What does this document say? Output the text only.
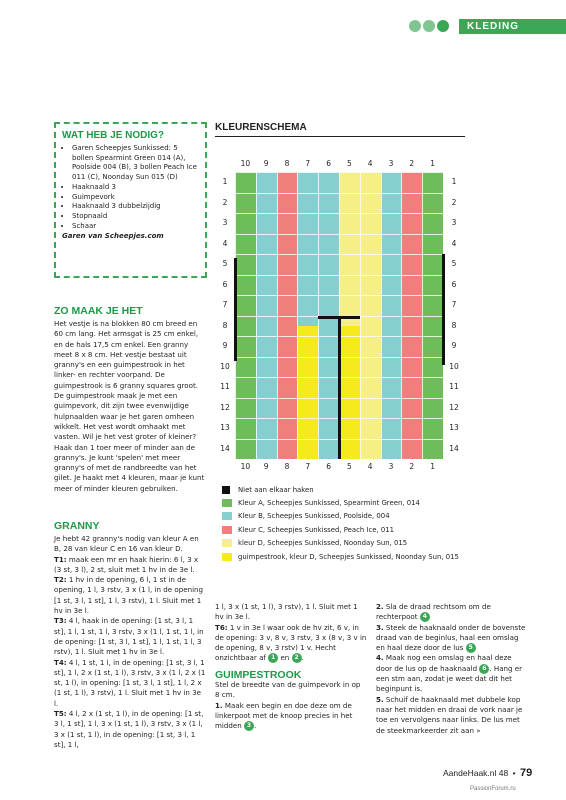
KLEDING
WAT HEB JE NODIG?
• Garen Scheepjes Sunkissed: 5 bollen Spearmint Green 014 (A), Poolside 004 (B), 3 bollen Peach Ice 011 (C), Noonday Sun 015 (D)
• Haaknaald 3
• Guimpevork
• Haaknaald 3 dubbelzijdig
• Stopnaald
• Schaar
Garen van Scheepjes.com
ZO MAAK JE HET
Het vestje is na blokken 80 cm breed en 60 cm lang. Het armsgat is 25 cm enkel, en de hals 17,5 cm enkel. Een granny meet 8 x 8 cm. Het vestje bestaat uit granny's en een guimpestrook in het linker- en rechter voorpand. De guimpestrook is 6 granny squares groot. De guimpestrook maak je met een guimpevork, dit zijn twee evenwijdige hulpnaalden waar je het garen omheen wikkelt. Het vest wordt omhaakt met vasten. Wil je het vest groter of kleiner? Haak dan 1 toer meer of minder aan de granny's. Je kunt 'spelen' met meer granny's of met de randbreedte van het gilet. Je haakt met 4 kleuren, maar je kunt meer of minder kleuren gebruiken.
GRANNY
Je hebt 42 granny's nodig van kleur A en B, 28 van kleur C en 16 van kleur D.
T1: maak een mr en haak hierin: 6 l, 3 x (3 st, 3 l), 2 st, sluit met 1 hv in de 3e l.
T2: 1 hv in de opening, 6 l, 1 st in de opening, 1 l, 3 rstv, 3 x (1 l, in de opening [1 st, 3 l, 1 st], 1 l, 3 rstv), 1 l. Sluit met 1 hv in 3e l.
T3: 4 l, haak in de opening: [1 st, 3 l, 1 st], 1 l, 1 st, 1 l, 3 rstv, 3 x (1 l, 1 st, 1 l, in de opening: [1 st, 3 l, 1 st], 1 l, 1 st, 1 l, 3 rstv), 1 l. Sluit met 1 hv in 3e l.
T4: 4 l, 1 st, 1 l, in de opening: [1 st, 3 l, 1 st], 1 l, 2 x (1 st, 1 l), 3 rstv, 3 x (1 l, 2 x (1 st, 1 l), in opening: [1 st, 3 l, 1 st], 1 l, 2 x (1 st, 1 l), 3 rstv), 1 l. Sluit met 1 hv in 3e l.
T5: 4 l, 2 x (1 st, 1 l), in de opening: [1 st, 3 l, 1 st], 1 l, 3 x (1 st, 1 l), 3 rstv, 3 x (1 l, 3 x (1 st, 1 l), in de opening: [1 st, 3 l, 1 st], 1 l,
1 l, 3 x (1 st, 1 l), 3 rstv), 1 l. Sluit met 1 hv in 3e l.
T6: 1 v in 3e l waar ook de hv zit, 6 v, in de opening: 3 v, 8 v, 3 rstv, 3 x (8 v, 3 v in de opening, 8 v, 3 rstv) 1 v. Hecht onzichtbaar af 1 en 2 .
GUIMPESTROOK
Stel de breedte van de guimpevork in op 8 cm.
1. Maak een begin en doe deze om de linkerpoot met de knoop precies in het midden 3 .
2. Sla de draad rechtsom om de rechterpoot 4
3. Steek de haaknaald onder de bovenste draad van de beginlus, haal een omslag en haal deze door de lus 5
4. Maak nog een omslag en haal deze door de lus op de haaknaald 6 . Hang er een stm aan, zodat je weet dat dit het beginpunt is.
5. Schuif de haaknaald met dubbele kop naar het midden en draai de vork naar je toe en vervolgens naar links. De lus met de steekmarkeerder zit aan »
KLEURENSCHEMA
10
10
9
9
8
8
7
7
6
6
5
5
4
4
3
3
2
2
1
1
1	1
2	2
3	3
4	4
5	5
6	6
7	7
8	8
9	9
10	10
11	11
12	12
13	13
14	14
Niet aan elkaar haken
Kleur A, Scheepjes Sunkissed, Spearmint Green, 014
Kleur B, Scheepjes Sunkissed, Poolside, 004
Kleur C, Scheepjes Sunkissed, Peach Ice, 011
kleur D, Scheepjes Sunkissed, Noonday Sun, 015
guimpestrook, kleur D, Scheepjes Sunkissed, Noonday Sun, 015
AandeHaak.nl 48 • 79
PassionForum.ru
